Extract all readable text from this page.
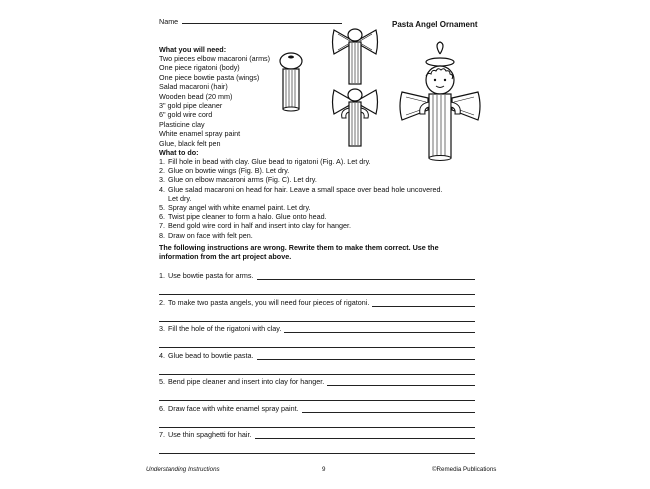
Name	Pasta Angel Ornament
What you will need:
Two pieces elbow macaroni (arms)
One piece rigatoni (body)
One piece bowtie pasta (wings)
Salad macaroni (hair)
Wooden bead (20 mm)
3" gold pipe cleaner
6" gold wire cord
Plasticine clay
White enamel spray paint
Glue, black felt pen
What to do:
1. Fill hole in bead with clay. Glue bead to rigatoni (Fig. A). Let dry.
2. Glue on bowtie wings (Fig. B). Let dry.
3. Glue on elbow macaroni arms (Fig. C). Let dry.
4. Glue salad macaroni on head for hair. Leave a small space over bead hole uncovered.
Let dry.
5. Spray angel with white enamel paint. Let dry.
6. Twist pipe cleaner to form a halo. Glue onto head.
7. Bend gold wire cord in half and insert into clay for hanger.
8. Draw on face with felt pen.
The following instructions are wrong. Rewrite them to make them correct. Use the
information from the art project above.
1. Use bowtie pasta for arms.
2. To make two pasta angels, you will need four pieces of rigatoni.
3. Fill the hole of the rigatoni with clay.
4. Glue bead to bowtie pasta.
5. Bend pipe cleaner and insert into clay for hanger.
6. Draw face with white enamel spray paint.
7. Use thin spaghetti for hair.
Understanding Instructions	9	©Remedia Publications
